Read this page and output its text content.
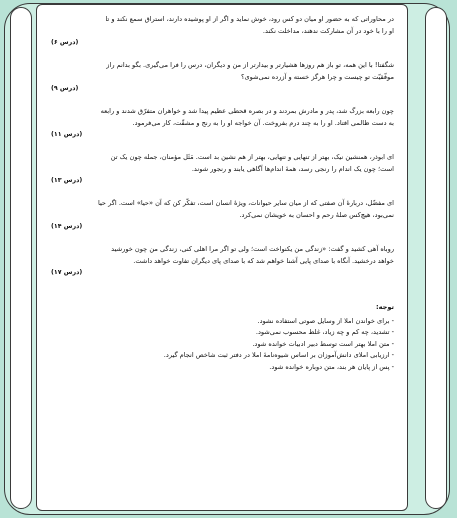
در محاوراتی که به حضور او میان دو کس رود، خوش نماید و اگر از او پوشیده دارند، استراق سمع نکند و تا

او را با خود در آن مشارکت ندهند، مداخلت نکند.

(درس ۶)

شگفتا! با این همه، تو باز هم روزها هشیارتر و بیدارتر از من و دیگران، درس را فرا می‌گیری. بگو بدانم راز

موفّقیّت تو چیست و چرا هرگز خسته و آزرده نمی‌شوی؟

(درس ۹)

چون رابعه بزرگ شد، پدر و مادرش بمردند و در بصره قحطی عظیم پیدا شد و خواهران متفرّق شدند و رابعه

به دست ظالمی افتاد. او را به چند درم بفروخت. آن خواجه او را به رنج و مشقّت، کار می‌فرمود.

(درس ۱۱)

ای ابوذر، همنشین نیک، بهتر از تنهایی و تنهایی، بهتر از هم نشین بد است. مَثَل مؤمنان، جمله چون یک تن

است؛ چون یک اندام را رنجی رسد، همهٔ اندام‌ها آگاهی یابند و رنجور شوند.

(درس ۱۳)

ای مفضّل، دربارهٔ آن صفتی که از میان سایر حیوانات، ویژهٔ انسان است، تفکّر کن که آن «حیا» است. اگر حیا

نمی‌بود، هیچ‌کس صلهٔ رحم و احسان به خویشان نمی‌کرد.

(درس ۱۴)

روباه آهی کشید و گفت: «زندگی من یکنواخت است؛ ولی تو اگر مرا اهلی کنی، زندگی من چون خورشید

خواهد درخشید. آنگاه با صدای پایی آشنا خواهم شد که با صدای پای دیگران تفاوت خواهد داشت.

(درس ۱۷)
توجه:
- برای خواندن املا از وسایل صوتی استفاده نشود.
- تشدید، چه کم و چه زیاد، غلط محسوب نمی‌شود.
- متن املا بهتر است توسط دبیر ادبیات خوانده شود.
- ارزیابی املای دانش‌آموزان بر اساس شیوه‌نامهٔ املا در دفتر ثبت شاخص انجام گیرد.
- پس از پایان هر بند، متن دوباره خوانده شود.
